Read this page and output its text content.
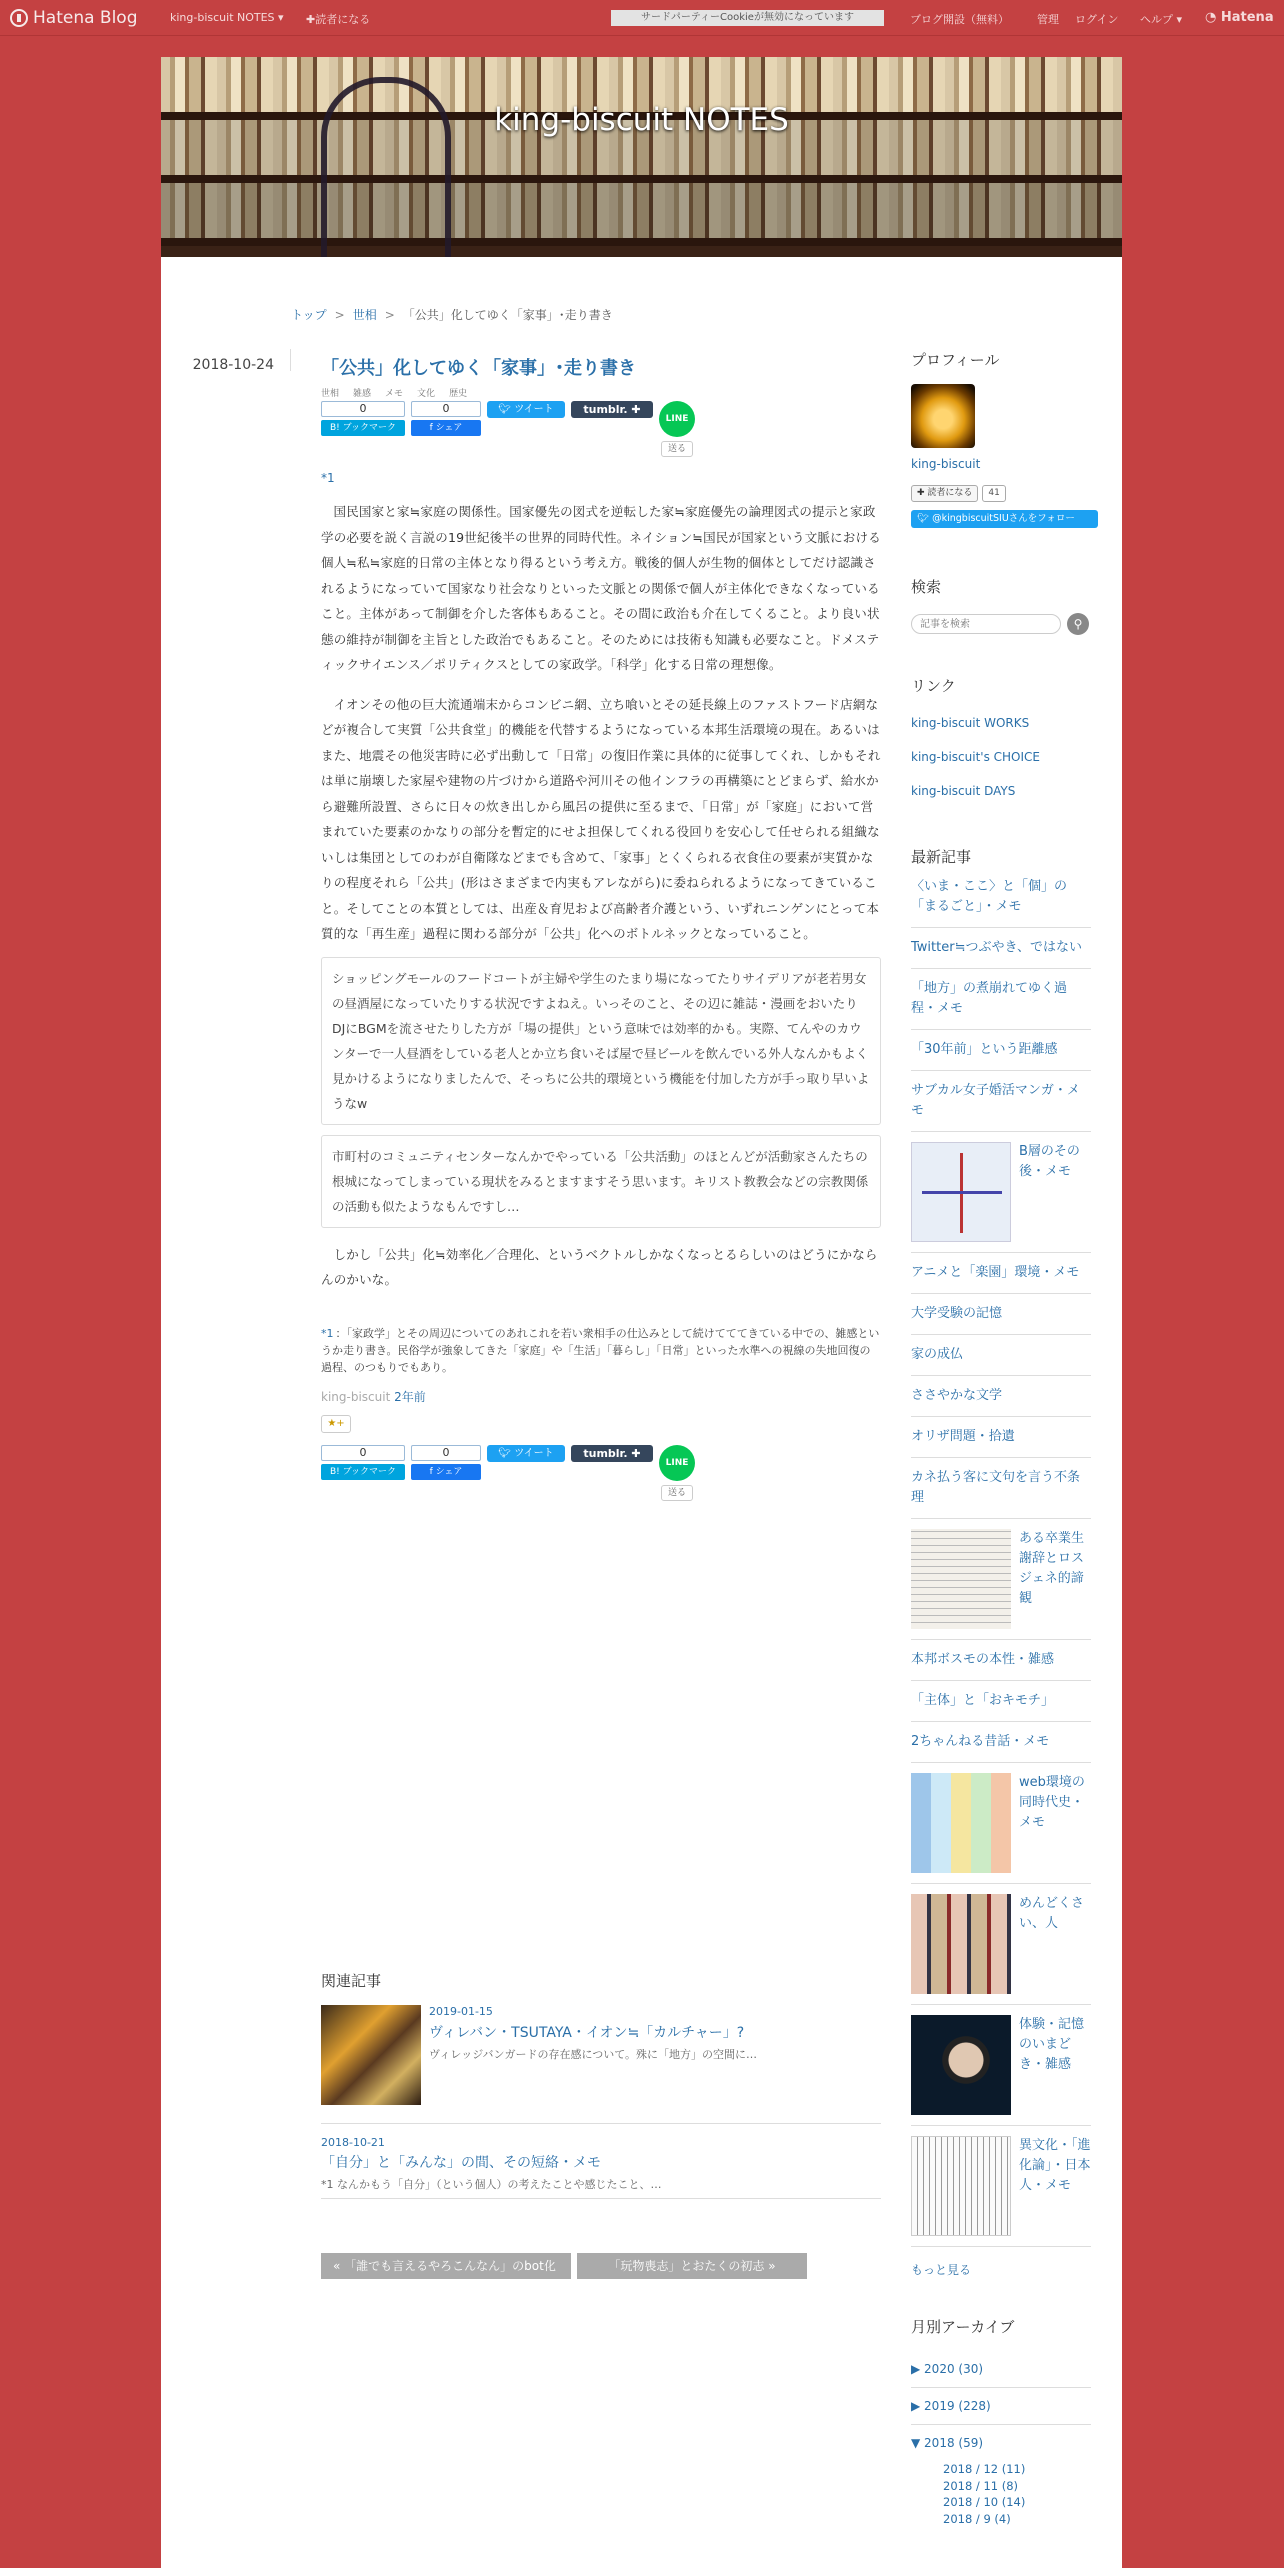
Hatena Blog	king-biscuit NOTES ▾ ✚読者になる	サードパーティーCookieが無効になっています	ブログ開設（無料）	管理 ログイン ヘルプ ▾ ◔ Hatena
king-biscuit NOTES
トップ > 世相 > 「公共」化してゆく「家事」･走り書き
2018-10-24	「公共」化してゆく「家事」･走り書き
世相 雑感 メモ 文化 歴史
0
B! ブックマーク
0
f シェア
🐦︎ ツイート	tumblr. ✚
LINE
送る
*1

国民国家と家≒家庭の関係性。国家優先の図式を逆転した家≒家庭優先の論理図式の提示と家政学の必要を説く言説の19世紀後半の世界的同時代性。ネイション≒国民が国家という文脈における個人≒私≒家庭的日常の主体となり得るという考え方。戦後的個人が生物的個体としてだけ認識されるようになっていて国家なり社会なりといった文脈との関係で個人が主体化できなくなっていること。主体があって制御を介した客体もあること。その間に政治も介在してくること。より良い状態の維持が制御を主旨とした政治でもあること。そのためには技術も知識も必要なこと。ドメスティックサイエンス／ポリティクスとしての家政学。「科学」化する日常の理想像。

イオンその他の巨大流通端末からコンビニ網、立ち喰いとその延長線上のファストフード店網などが複合して実質「公共食堂」的機能を代替するようになっている本邦生活環境の現在。あるいはまた、地震その他災害時に必ず出動して「日常」の復旧作業に具体的に従事してくれ、しかもそれは単に崩壊した家屋や建物の片づけから道路や河川その他インフラの再構築にとどまらず、給水から避難所設置、さらに日々の炊き出しから風呂の提供に至るまで、「日常」が「家庭」において営まれていた要素のかなりの部分を暫定的にせよ担保してくれる役回りを安心して任せられる組織ないしは集団としてのわが自衛隊などまでも含めて、「家事」とくくられる衣食住の要素が実質かなりの程度それら「公共」(形はさまざまで内実もアレながら)に委ねられるようになってきていること。そしてことの本質としては、出産＆育児および高齢者介護という、いずれニンゲンにとって本質的な「再生産」過程に関わる部分が「公共」化へのボトルネックとなっていること。

ショッピングモールのフードコートが主婦や学生のたまり場になってたりサイデリアが老若男女の昼酒屋になっていたりする状況ですよねえ。いっそのこと、その辺に雑誌・漫画をおいたりDJにBGMを流させたりした方が「場の提供」という意味では効率的かも。実際、てんやのカウンターで一人昼酒をしている老人とか立ち食いそば屋で昼ビールを飲んでいる外人なんかもよく見かけるようになりましたんで、そっちに公共的環境という機能を付加した方が手っ取り早いようなw
市町村のコミュニティセンターなんかでやっている「公共活動」のほとんどが活動家さんたちの根城になってしまっている現状をみるとますますそう思います。キリスト教教会などの宗教関係の活動も似たようなもんですし…

しかし「公共」化≒効率化／合理化、というベクトルしかなくなっとるらしいのはどうにかならんのかいな。

*1 ：「家政学」とその周辺についてのあれこれを若い衆相手の仕込みとして続けてててきている中での、雑感というか走り書き。民俗学が強象してきた「家庭」や「生活」「暮らし」「日常」といった水準への視線の失地回復の過程、のつもりでもあり。
king-biscuit 2年前
★+
0
B! ブックマーク
0
f シェア
🐦︎ ツイート	tumblr. ✚
LINE
送る
関連記事
2019-01-15
ヴィレバン・TSUTAYA・イオン≒「カルチャー」?
ヴィレッジバンガードの存在感について。殊に「地方」の空間に…
2018-10-21
「自分」と「みんな」の間、その短絡・メモ
*1 なんかもう「自分」（という個人）の考えたことや感じたこと、…
« 「誰でも言えるやろこんなん」のbot化	「玩物喪志」とおたくの初志 »
プロフィール
king-biscuit
✚ 読者になる	41
🐦︎ @kingbiscuitSIUさんをフォロー
検索
記事を検索
⚲
リンク
king-biscuit WORKS
king-biscuit's CHOICE
king-biscuit DAYS
最新記事
〈いま・ここ〉と「個」の「まるごと」・メモ
Twitter≒つぶやき、ではない
「地方」の煮崩れてゆく過程・メモ
「30年前」という距離感
サブカル女子婚活マンガ・メモ
B層のその後・メモ
アニメと「楽園」環境・メモ
大学受験の記憶
家の成仏
ささやかな文学
オリザ問題・拾遺
カネ払う客に文句を言う不条理
ある卒業生謝辞とロスジェネ的諦観
本邦ボスモの本性・雑感
「主体」と「おキモチ」
2ちゃんねる昔話・メモ
web環境の同時代史・メモ
めんどくさい、人
体験・記憶のいまどき・雑感
異文化・「進化論」・日本人・メモ
もっと見る
月別アーカイブ
▶ 2020 (30)
▶ 2019 (228)
▼ 2018 (59)
2018 / 12 (11)
2018 / 11 (8)
2018 / 10 (14)
2018 / 9 (4)
